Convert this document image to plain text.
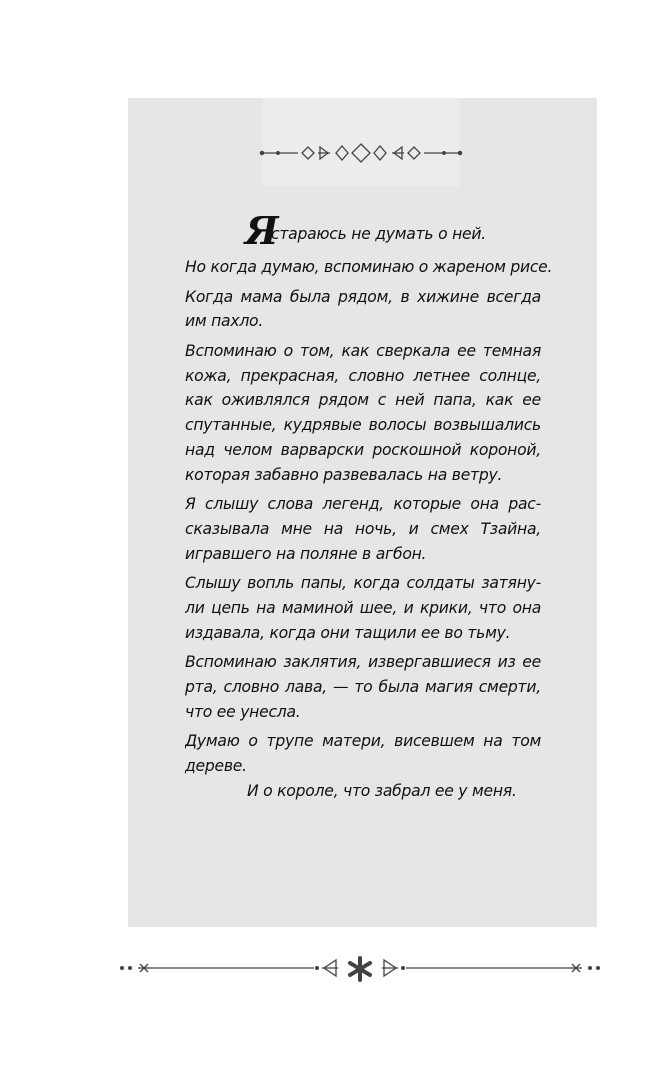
Я
стараюсь не думать о ней.
Но когда думаю, вспоминаю о жареном рисе.
Когда мама была рядом, в хижине всегда
им пахло.
Вспоминаю о том, как сверкала ее темная
кожа, прекрасная, словно летнее солнце,
как оживлялся рядом с ней папа, как ее
спутанные, кудрявые волосы возвышались
над челом варварски роскошной короной,
которая забавно развевалась на ветру.
Я слышу слова легенд, которые она рас-
сказывала мне на ночь, и смех Тзайна,
игравшего на поляне в агбон.
Слышу вопль папы, когда солдаты затяну-
ли цепь на маминой шее, и крики, что она
издавала, когда они тащили ее во тьму.
Вспоминаю заклятия, извергавшиеся из ее
рта, словно лава, — то была магия смерти,
что ее унесла.
Думаю о трупе матери, висевшем на том
дереве.
И о короле, что забрал ее у меня.
